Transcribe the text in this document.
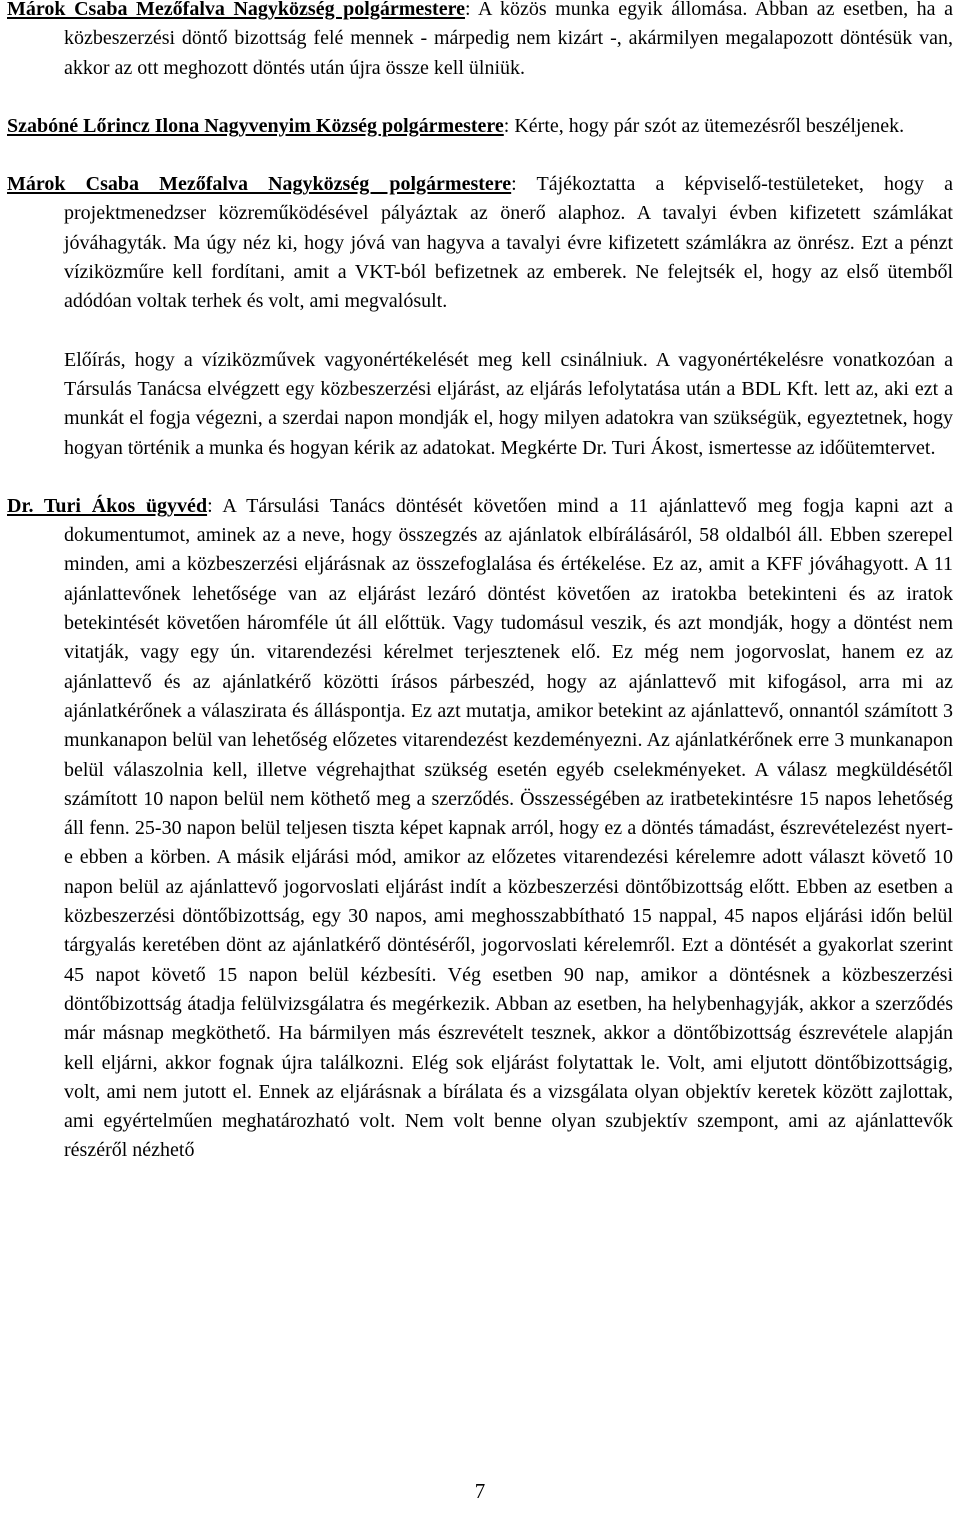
Márok Csaba Mezőfalva Nagyközség polgármestere: A közös munka egyik állomása. Abban az esetben, ha a közbeszerzési döntő bizottság felé mennek - márpedig nem kizárt -, akármilyen megalapozott döntésük van, akkor az ott meghozott döntés után újra össze kell ülniük.

Szabóné Lőrincz Ilona Nagyvenyim Község polgármestere: Kérte, hogy pár szót az ütemezésről beszéljenek.

Márok Csaba Mezőfalva Nagyközség polgármestere: Tájékoztatta a képviselő-testületeket, hogy a projektmenedzser közreműködésével pályáztak az önerő alaphoz. A tavalyi évben kifizetett számlákat jóváhagyták. Ma úgy néz ki, hogy jóvá van hagyva a tavalyi évre kifizetett számlákra az önrész. Ezt a pénzt víziközműre kell fordítani, amit a VKT-ból befizetnek az emberek. Ne felejtsék el, hogy az első ütemből adódóan voltak terhek és volt, ami megvalósult.

Előírás, hogy a víziközművek vagyonértékelését meg kell csinálniuk. A vagyonértékelésre vonatkozóan a Társulás Tanácsa elvégzett egy közbeszerzési eljárást, az eljárás lefolytatása után a BDL Kft. lett az, aki ezt a munkát el fogja végezni, a szerdai napon mondják el, hogy milyen adatokra van szükségük, egyeztetnek, hogy hogyan történik a munka és hogyan kérik az adatokat. Megkérte Dr. Turi Ákost, ismertesse az időütemtervet.

Dr. Turi Ákos ügyvéd: A Társulási Tanács döntését követően mind a 11 ajánlattevő meg fogja kapni azt a dokumentumot, aminek az a neve, hogy összegzés az ajánlatok elbírálásáról, 58 oldalból áll. Ebben szerepel minden, ami a közbeszerzési eljárásnak az összefoglalása és értékelése. Ez az, amit a KFF jóváhagyott. A 11 ajánlattevőnek lehetősége van az eljárást lezáró döntést követően az iratokba betekinteni és az iratok betekintését követően háromféle út áll előttük. Vagy tudomásul veszik, és azt mondják, hogy a döntést nem vitatják, vagy egy ún. vitarendezési kérelmet terjesztenek elő. Ez még nem jogorvoslat, hanem ez az ajánlattevő és az ajánlatkérő közötti írásos párbeszéd, hogy az ajánlattevő mit kifogásol, arra mi az ajánlatkérőnek a válaszirata és álláspontja. Ez azt mutatja, amikor betekint az ajánlattevő, onnantól számított 3 munkanapon belül van lehetőség előzetes vitarendezést kezdeményezni. Az ajánlatkérőnek erre 3 munkanapon belül válaszolnia kell, illetve végrehajthat szükség esetén egyéb cselekményeket. A válasz megküldésétől számított 10 napon belül nem köthető meg a szerződés. Összességében az iratbetekintésre 15 napos lehetőség áll fenn. 25-30 napon belül teljesen tiszta képet kapnak arról, hogy ez a döntés támadást, észrevételezést nyert-e ebben a körben. A másik eljárási mód, amikor az előzetes vitarendezési kérelemre adott választ követő 10 napon belül az ajánlattevő jogorvoslati eljárást indít a közbeszerzési döntőbizottság előtt. Ebben az esetben a közbeszerzési döntőbizottság, egy 30 napos, ami meghosszabbítható 15 nappal, 45 napos eljárási időn belül tárgyalás keretében dönt az ajánlatkérő döntéséről, jogorvoslati kérelemről. Ezt a döntését a gyakorlat szerint 45 napot követő 15 napon belül kézbesíti. Vég esetben 90 nap, amikor a döntésnek a közbeszerzési döntőbizottság átadja felülvizsgálatra és megérkezik. Abban az esetben, ha helybenhagyják, akkor a szerződés már másnap megköthető. Ha bármilyen más észrevételt tesznek, akkor a döntőbizottság észrevétele alapján kell eljárni, akkor fognak újra találkozni. Elég sok eljárást folytattak le. Volt, ami eljutott döntőbizottságig, volt, ami nem jutott el. Ennek az eljárásnak a bírálata és a vizsgálata olyan objektív keretek között zajlottak, ami egyértelműen meghatározható volt. Nem volt benne olyan szubjektív szempont, ami az ajánlattevők részéről nézhető

7
